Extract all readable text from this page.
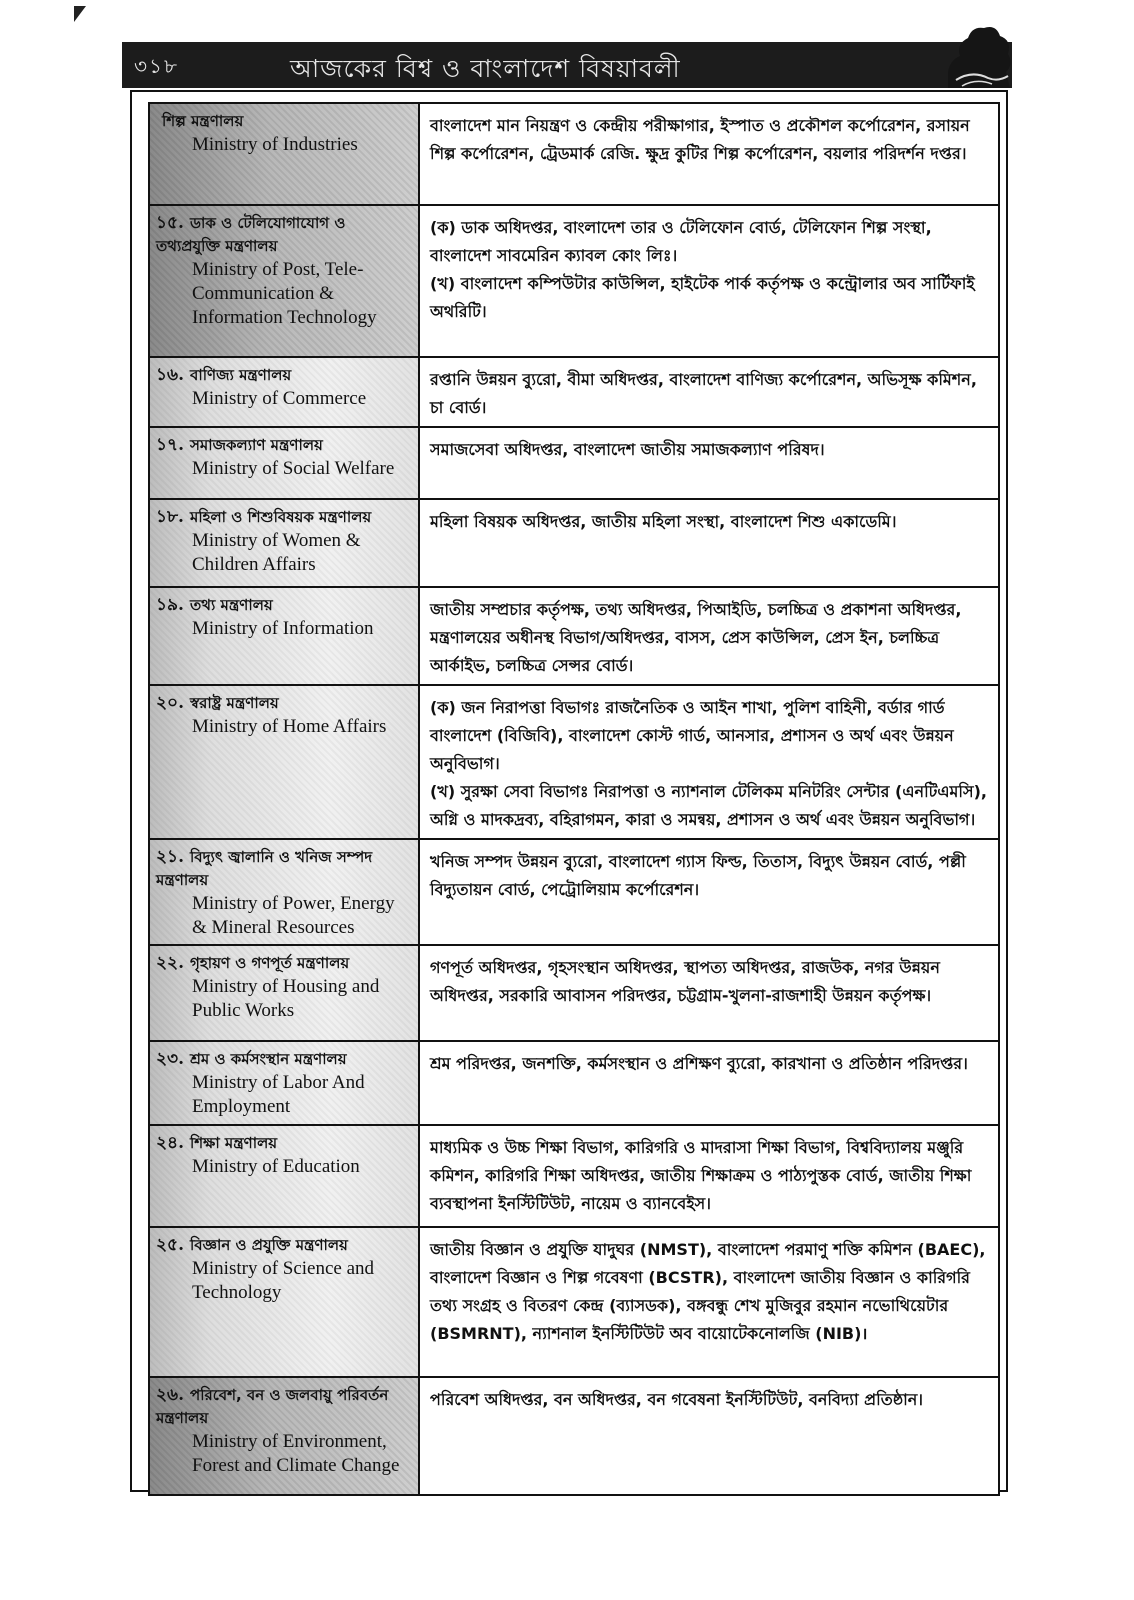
৩১৮	আজকের বিশ্ব ও বাংলাদেশ বিষয়াবলী
শিল্প মন্ত্রণালয়
Ministry of Industries	বাংলাদেশ মান নিয়ন্ত্রণ ও কেন্দ্রীয় পরীক্ষাগার, ইস্পাত ও প্রকৌশল কর্পোরেশন, রসায়ন শিল্প কর্পোরেশন, ট্রেডমার্ক রেজি. ক্ষুদ্র কুটির শিল্প কর্পোরেশন, বয়লার পরিদর্শন দপ্তর।

১৫. ডাক ও টেলিযোগাযোগ ও তথ্যপ্রযুক্তি মন্ত্রণালয়
Ministry of Post, Tele-Communication & Information Technology	(ক) ডাক অধিদপ্তর, বাংলাদেশ তার ও টেলিফোন বোর্ড, টেলিফোন শিল্প সংস্থা, বাংলাদেশ সাবমেরিন ক্যাবল কোং লিঃ।
(খ) বাংলাদেশ কম্পিউটার কাউন্সিল, হাইটেক পার্ক কর্তৃপক্ষ ও কন্ট্রোলার অব সার্টিফাই অথরিটি।

১৬. বাণিজ্য মন্ত্রণালয়
Ministry of Commerce	রপ্তানি উন্নয়ন ব্যুরো, বীমা অধিদপ্তর, বাংলাদেশ বাণিজ্য কর্পোরেশন, অভিসূক্ষ কমিশন, চা বোর্ড।

১৭. সমাজকল্যাণ মন্ত্রণালয়
Ministry of Social Welfare	সমাজসেবা অধিদপ্তর, বাংলাদেশ জাতীয় সমাজকল্যাণ পরিষদ।

১৮. মহিলা ও শিশুবিষয়ক মন্ত্রণালয়
Ministry of Women & Children Affairs	মহিলা বিষয়ক অধিদপ্তর, জাতীয় মহিলা সংস্থা, বাংলাদেশ শিশু একাডেমি।

১৯. তথ্য মন্ত্রণালয়
Ministry of Information	জাতীয় সম্প্রচার কর্তৃপক্ষ, তথ্য অধিদপ্তর, পিআইডি, চলচ্চিত্র ও প্রকাশনা অধিদপ্তর, মন্ত্রণালয়ের অধীনস্থ বিভাগ/অধিদপ্তর, বাসস, প্রেস কাউন্সিল, প্রেস ইন, চলচ্চিত্র আর্কাইভ, চলচ্চিত্র সেন্সর বোর্ড।

২০. স্বরাষ্ট্র মন্ত্রণালয়
Ministry of Home Affairs	(ক) জন নিরাপত্তা বিভাগঃ রাজনৈতিক ও আইন শাখা, পুলিশ বাহিনী, বর্ডার গার্ড বাংলাদেশ (বিজিবি), বাংলাদেশ কোস্ট গার্ড, আনসার, প্রশাসন ও অর্থ এবং উন্নয়ন অনুবিভাগ।
(খ) সুরক্ষা সেবা বিভাগঃ নিরাপত্তা ও ন্যাশনাল টেলিকম মনিটরিং সেন্টার (এনটিএমসি), অগ্নি ও মাদকদ্রব্য, বহিরাগমন, কারা ও সমন্বয়, প্রশাসন ও অর্থ এবং উন্নয়ন অনুবিভাগ।

২১. বিদ্যুৎ জ্বালানি ও খনিজ সম্পদ মন্ত্রণালয়
Ministry of Power, Energy & Mineral Resources	খনিজ সম্পদ উন্নয়ন ব্যুরো, বাংলাদেশ গ্যাস ফিল্ড, তিতাস, বিদ্যুৎ উন্নয়ন বোর্ড, পল্লী বিদ্যুতায়ন বোর্ড, পেট্রোলিয়াম কর্পোরেশন।

২২. গৃহায়ণ ও গণপূর্ত মন্ত্রণালয়
Ministry of Housing and Public Works	গণপূর্ত অধিদপ্তর, গৃহসংস্থান অধিদপ্তর, স্থাপত্য অধিদপ্তর, রাজউক, নগর উন্নয়ন অধিদপ্তর, সরকারি আবাসন পরিদপ্তর, চট্টগ্রাম-খুলনা-রাজশাহী উন্নয়ন কর্তৃপক্ষ।

২৩. শ্রম ও কর্মসংস্থান মন্ত্রণালয়
Ministry of Labor And Employment	শ্রম পরিদপ্তর, জনশক্তি, কর্মসংস্থান ও প্রশিক্ষণ ব্যুরো, কারখানা ও প্রতিষ্ঠান পরিদপ্তর।

২৪. শিক্ষা মন্ত্রণালয়
Ministry of Education	মাধ্যমিক ও উচ্চ শিক্ষা বিভাগ, কারিগরি ও মাদরাসা শিক্ষা বিভাগ, বিশ্ববিদ্যালয় মঞ্জুরি কমিশন, কারিগরি শিক্ষা অধিদপ্তর, জাতীয় শিক্ষাক্রম ও পাঠ্যপুস্তক বোর্ড, জাতীয় শিক্ষা ব্যবস্থাপনা ইনস্টিটিউট, নায়েম ও ব্যানবেইস।

২৫. বিজ্ঞান ও প্রযুক্তি মন্ত্রণালয়
Ministry of Science and Technology	জাতীয় বিজ্ঞান ও প্রযুক্তি যাদুঘর (NMST), বাংলাদেশ পরমাণু শক্তি কমিশন (BAEC), বাংলাদেশ বিজ্ঞান ও শিল্প গবেষণা (BCSTR), বাংলাদেশ জাতীয় বিজ্ঞান ও কারিগরি তথ্য সংগ্রহ ও বিতরণ কেন্দ্র (ব্যাসডক), বঙ্গবন্ধু শেখ মুজিবুর রহমান নভোথিয়েটার (BSMRNT), ন্যাশনাল ইনস্টিটিউট অব বায়োটেকনোলজি (NIB)।

২৬. পরিবেশ, বন ও জলবায়ু পরিবর্তন মন্ত্রণালয়
Ministry of Environment, Forest and Climate Change	পরিবেশ অধিদপ্তর, বন অধিদপ্তর, বন গবেষনা ইনস্টিটিউট, বনবিদ্যা প্রতিষ্ঠান।
